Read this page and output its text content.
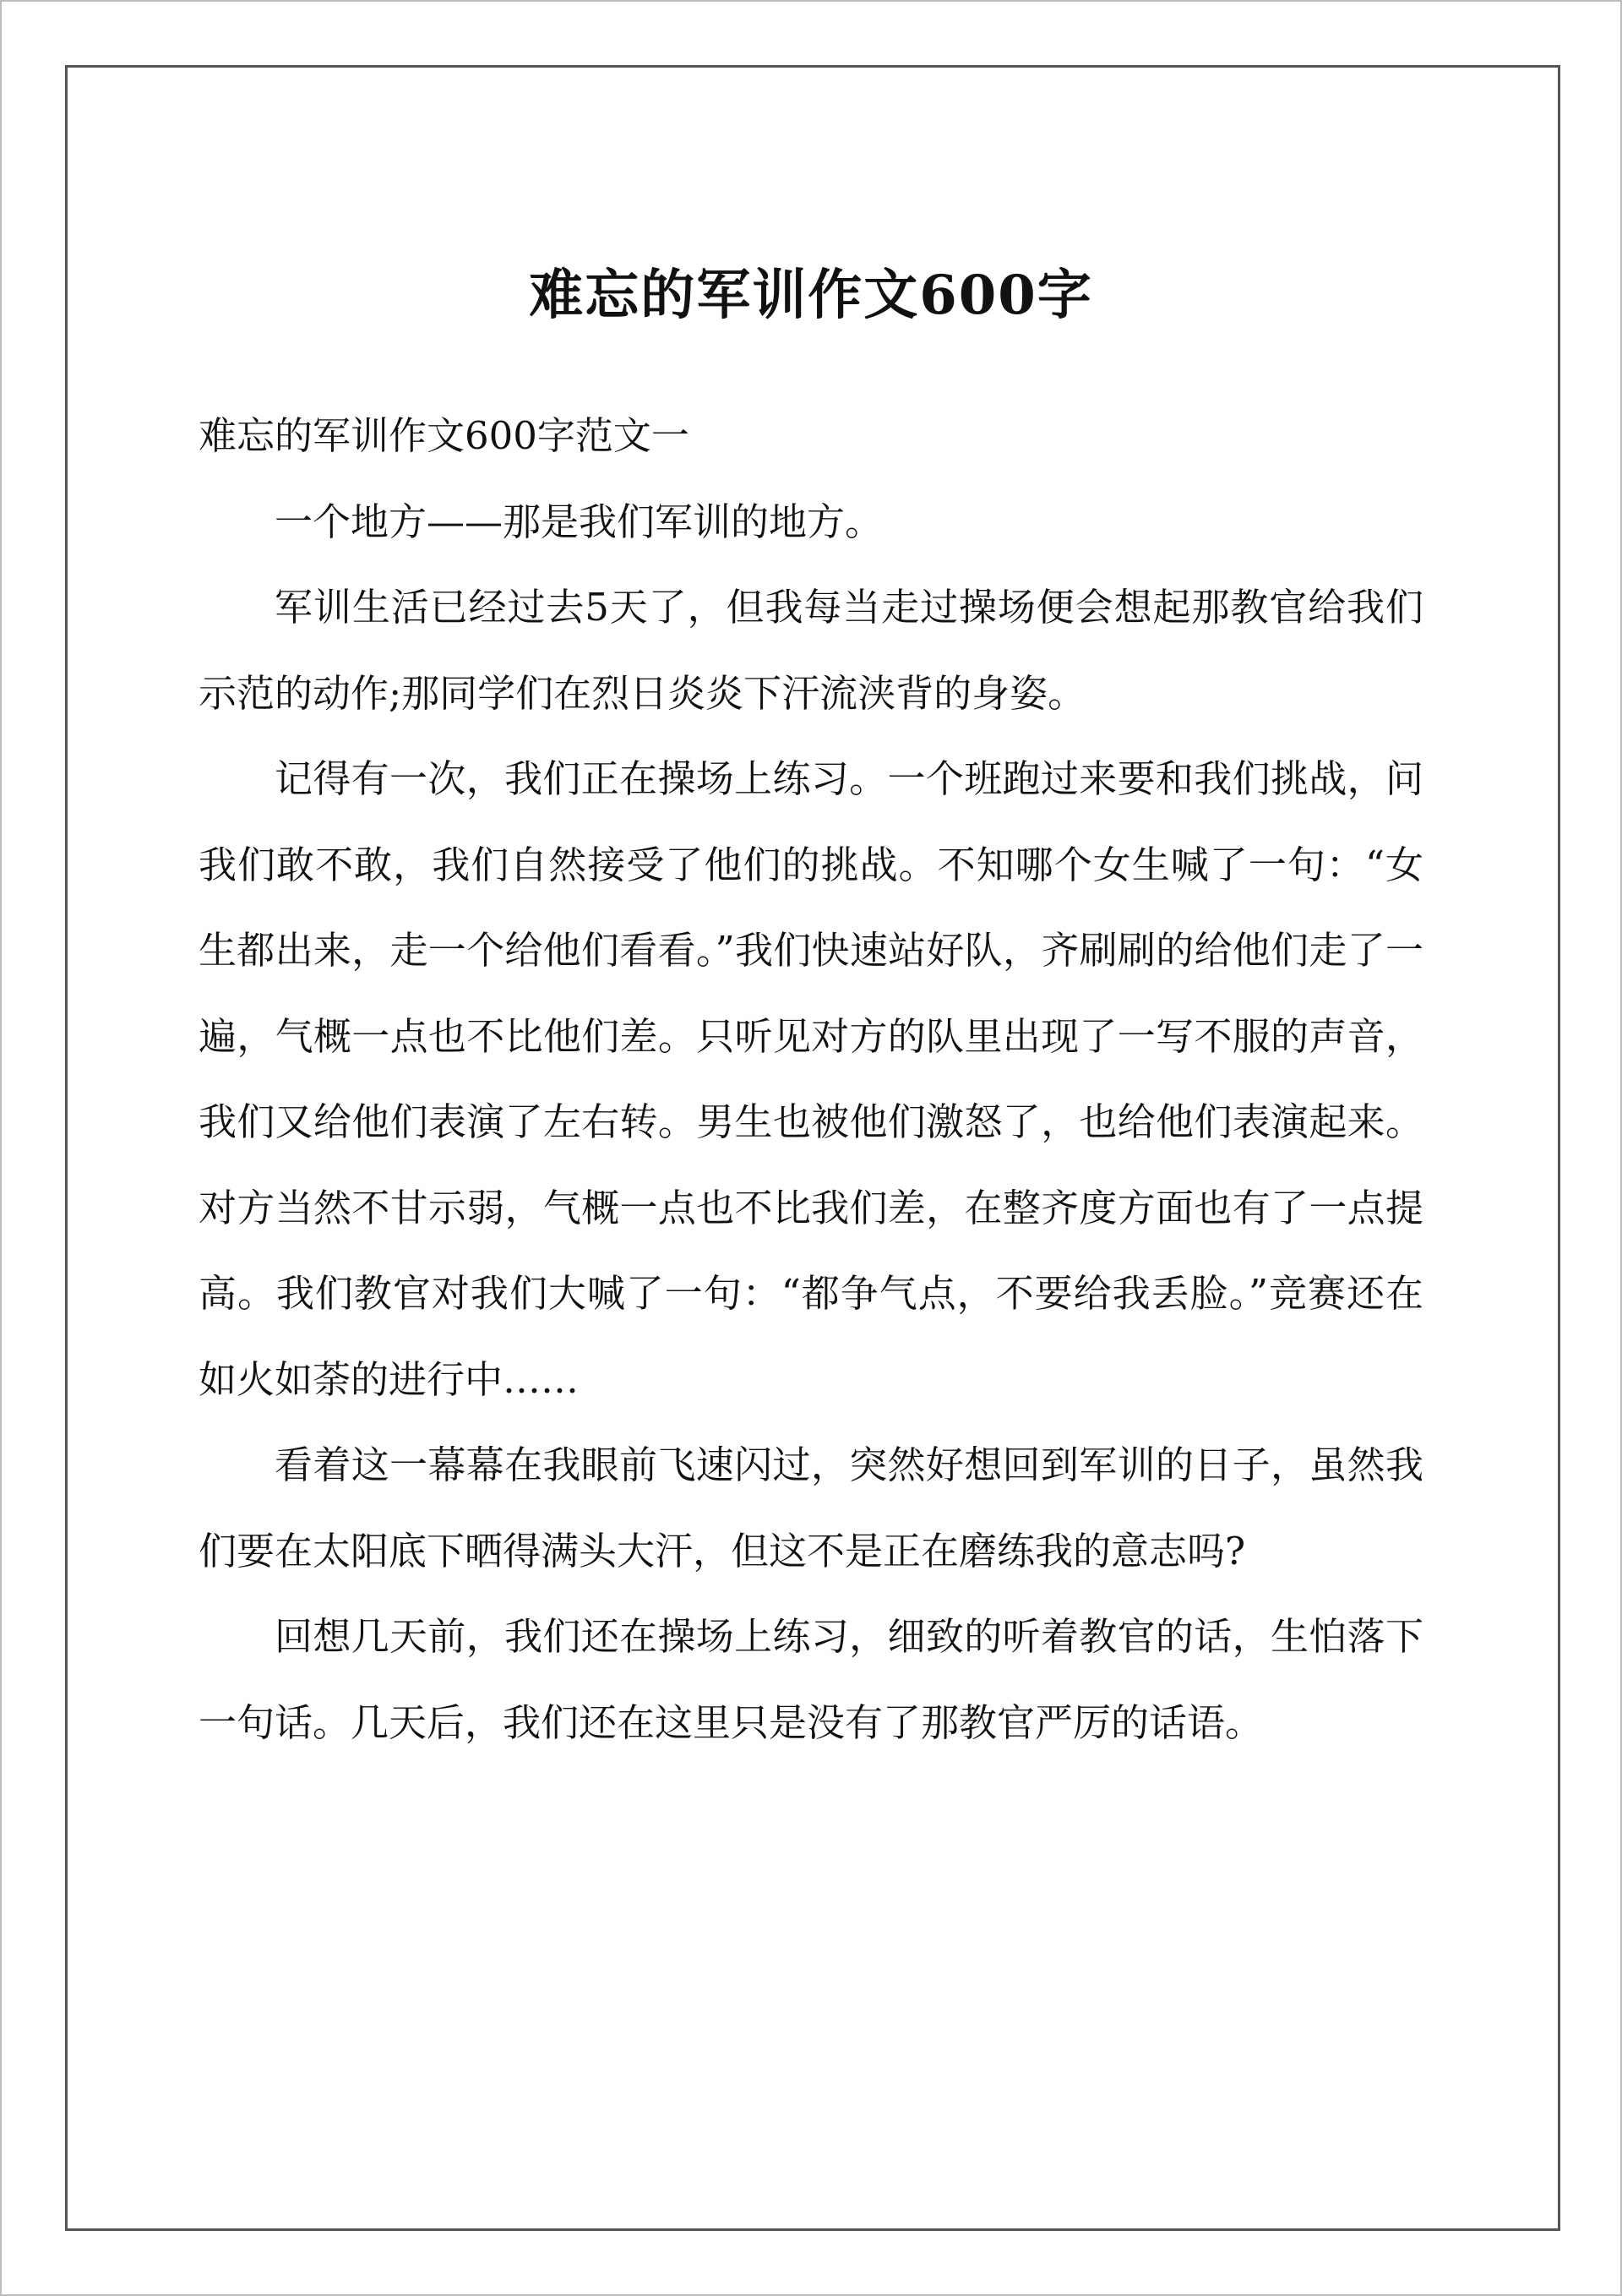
难忘的军训作文600字

难忘的军训作文600字范文一

一个地方——那是我们军训的地方。

军训生活已经过去5天了，但我每当走过操场便会想起那教官给我们示范的动作;那同学们在烈日炎炎下汗流浃背的身姿。

记得有一次，我们正在操场上练习。一个班跑过来要和我们挑战，问我们敢不敢，我们自然接受了他们的挑战。不知哪个女生喊了一句：“女生都出来，走一个给他们看看。”我们快速站好队，齐刷刷的给他们走了一遍，气概一点也不比他们差。只听见对方的队里出现了一写不服的声音，我们又给他们表演了左右转。男生也被他们激怒了，也给他们表演起来。对方当然不甘示弱，气概一点也不比我们差，在整齐度方面也有了一点提高。我们教官对我们大喊了一句：“都争气点，不要给我丢脸。”竞赛还在如火如荼的进行中……

看着这一幕幕在我眼前飞速闪过，突然好想回到军训的日子，虽然我们要在太阳底下晒得满头大汗，但这不是正在磨练我的意志吗?

回想几天前，我们还在操场上练习，细致的听着教官的话，生怕落下一句话。几天后，我们还在这里只是没有了那教官严厉的话语。
